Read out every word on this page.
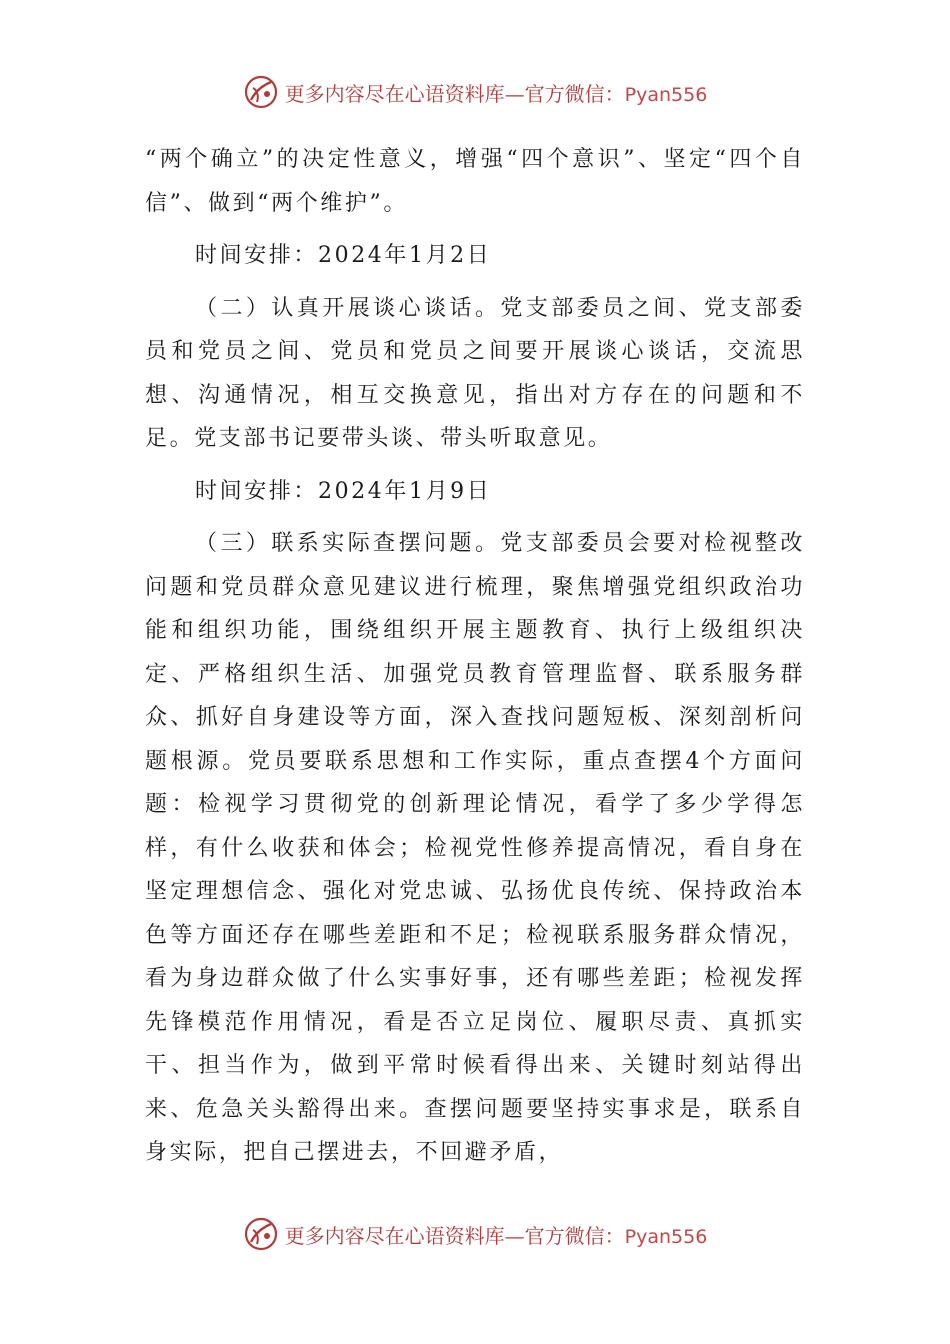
更多内容尽在心语资料库—官方微信：Pyan556

“两个确立”的决定性意义，增强“四个意识”、坚定“四个自信”、做到“两个维护”。

时间安排：2024年1月2日

（二）认真开展谈心谈话。党支部委员之间、党支部委员和党员之间、党员和党员之间要开展谈心谈话，交流思想、沟通情况，相互交换意见，指出对方存在的问题和不足。党支部书记要带头谈、带头听取意见。

时间安排：2024年1月9日

（三）联系实际查摆问题。党支部委员会要对检视整改问题和党员群众意见建议进行梳理，聚焦增强党组织政治功能和组织功能，围绕组织开展主题教育、执行上级组织决定、严格组织生活、加强党员教育管理监督、联系服务群众、抓好自身建设等方面，深入查找问题短板、深刻剖析问题根源。党员要联系思想和工作实际，重点查摆4个方面问题：检视学习贯彻党的创新理论情况，看学了多少学得怎样，有什么收获和体会；检视党性修养提高情况，看自身在坚定理想信念、强化对党忠诚、弘扬优良传统、保持政治本色等方面还存在哪些差距和不足；检视联系服务群众情况，看为身边群众做了什么实事好事，还有哪些差距；检视发挥先锋模范作用情况，看是否立足岗位、履职尽责、真抓实干、担当作为，做到平常时候看得出来、关键时刻站得出来、危急关头豁得出来。查摆问题要坚持实事求是，联系自身实际，把自己摆进去，不回避矛盾，

更多内容尽在心语资料库—官方微信：Pyan556
